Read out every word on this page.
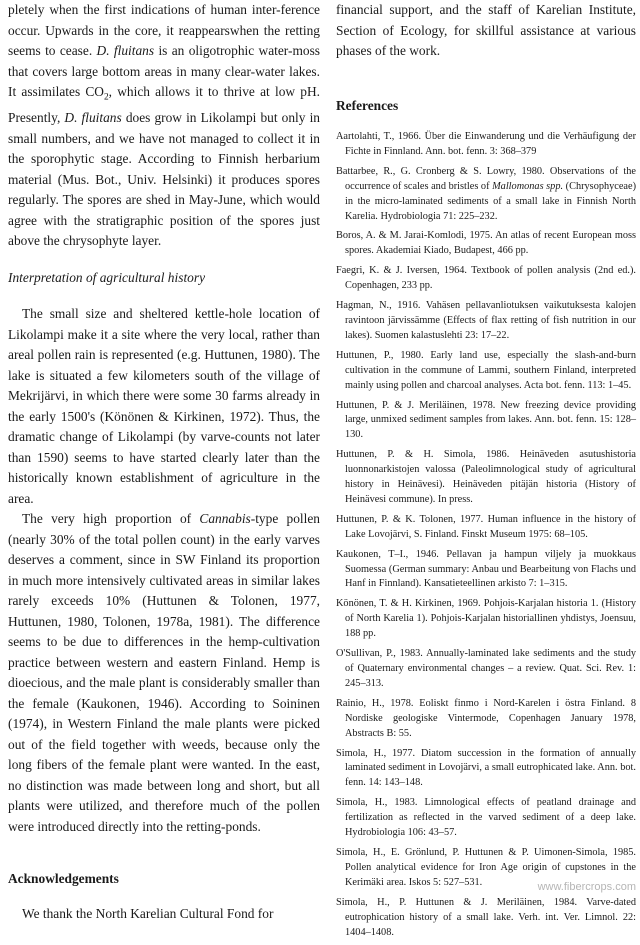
pletely when the first indications of human inter-ference occur. Upwards in the core, it reappearswhen the retting seems to cease. D. fluitans is an oligotrophic water-moss that covers large bottom areas in many clear-water lakes. It assimilates $CO_2$, which allows it to thrive at low pH. Presently, D. fluitans does grow in Likolampi but only in small numbers, and we have not managed to collect it in the sporophytic stage. According to Finnish herbarium material (Mus. Bot., Univ. Helsinki) it produces spores regularly. The spores are shed in May-June, which would agree with the stratigraphic position of the spores just above the chrysophyte layer.

Interpretation of agricultural history

The small size and sheltered kettle-hole location of Likolampi make it a site where the very local, rather than areal pollen rain is represented (e.g. Huttunen, 1980). The lake is situated a few kilometers south of the village of Mekrijärvi, in which there were some 30 farms already in the early 1500's (Könönen & Kirkinen, 1972). Thus, the dramatic change of Likolampi (by varve-counts not later than 1590) seems to have started clearly later than the historically known establishment of agriculture in the area.

The very high proportion of Cannabis-type pollen (nearly 30% of the total pollen count) in the early varves deserves a comment, since in SW Finland its proportion in much more intensively cultivated areas in similar lakes rarely exceeds 10% (Huttunen & Tolonen, 1977, Huttunen, 1980, Tolonen, 1978a, 1981). The difference seems to be due to differences in the hemp-cultivation practice between western and eastern Finland. Hemp is dioecious, and the male plant is considerably smaller than the female (Kaukonen, 1946). According to Soininen (1974), in Western Finland the male plants were picked out of the field together with weeds, because only the long fibers of the female plant were wanted. In the east, no distinction was made between long and short, but all plants were utilized, and therefore much of the pollen were introduced directly into the retting-ponds.

Acknowledgements

We thank the North Karelian Cultural Fond for

financial support, and the staff of Karelian Institute, Section of Ecology, for skillful assistance at various phases of the work.

References

Aartolahti, T., 1966. Über die Einwanderung und die Verhäufigung der Fichte in Finnland. Ann. bot. fenn. 3: 368–379

Battarbee, R., G. Cronberg & S. Lowry, 1980. Observations of the occurrence of scales and bristles of Mallomonas spp. (Chrysophyceae) in the micro-laminated sediments of a small lake in Finnish North Karelia. Hydrobiologia 71: 225–232.

Boros, A. & M. Jarai-Komlodi, 1975. An atlas of recent European moss spores. Akademiai Kiado, Budapest, 466 pp.

Faegri, K. & J. Iversen, 1964. Textbook of pollen analysis (2nd ed.). Copenhagen, 233 pp.

Hagman, N., 1916. Vahäsen pellavanliotuksen vaikutuksesta kalojen ravintoon järvissämme (Effects of flax retting of fish nutrition in our lakes). Suomen kalastuslehti 23: 17–22.

Huttunen, P., 1980. Early land use, especially the slash-and-burn cultivation in the commune of Lammi, southern Finland, interpreted mainly using pollen and charcoal analyses. Acta bot. fenn. 113: 1–45.

Huttunen, P. & J. Meriläinen, 1978. New freezing device providing large, unmixed sediment samples from lakes. Ann. bot. fenn. 15: 128–130.

Huttunen, P. & H. Simola, 1986. Heinäveden asutushistoria luonnonarkistojen valossa (Paleolimnological study of agricultural history in Heinävesi). Heinäveden pitäjän historia (History of Heinävesi commune). In press.

Huttunen, P. & K. Tolonen, 1977. Human influence in the history of Lake Lovojärvi, S. Finland. Finskt Museum 1975: 68–105.

Kaukonen, T–I., 1946. Pellavan ja hampun viljely ja muokkaus Suomessa (German summary: Anbau und Bearbeitung von Flachs und Hanf in Finnland). Kansatieteellinen arkisto 7: 1–315.

Könönen, T. & H. Kirkinen, 1969. Pohjois-Karjalan historia 1. (History of North Karelia 1). Pohjois-Karjalan historiallinen yhdistys, Joensuu, 188 pp.

O'Sullivan, P., 1983. Annually-laminated lake sediments and the study of Quaternary environmental changes – a review. Quat. Sci. Rev. 1: 245–313.

Rainio, H., 1978. Eoliskt finmo i Nord-Karelen i östra Finland. 8 Nordiske geologiske Vintermode, Copenhagen January 1978, Abstracts B: 55.

Simola, H., 1977. Diatom succession in the formation of annually laminated sediment in Lovojärvi, a small eutrophicated lake. Ann. bot. fenn. 14: 143–148.

Simola, H., 1983. Limnological effects of peatland drainage and fertilization as reflected in the varved sediment of a deep lake. Hydrobiologia 106: 43–57.

Simola, H., E. Grönlund, P. Huttunen & P. Uimonen-Simola, 1985. Pollen analytical evidence for Iron Age origin of cupstones in the Kerimäki area. Iskos 5: 527–531.

Simola, H., P. Huttunen & J. Meriläinen, 1984. Varve-dated eutrophication history of a small lake. Verh. int. Ver. Limnol. 22: 1404–1408.

www.fibercrops.com
